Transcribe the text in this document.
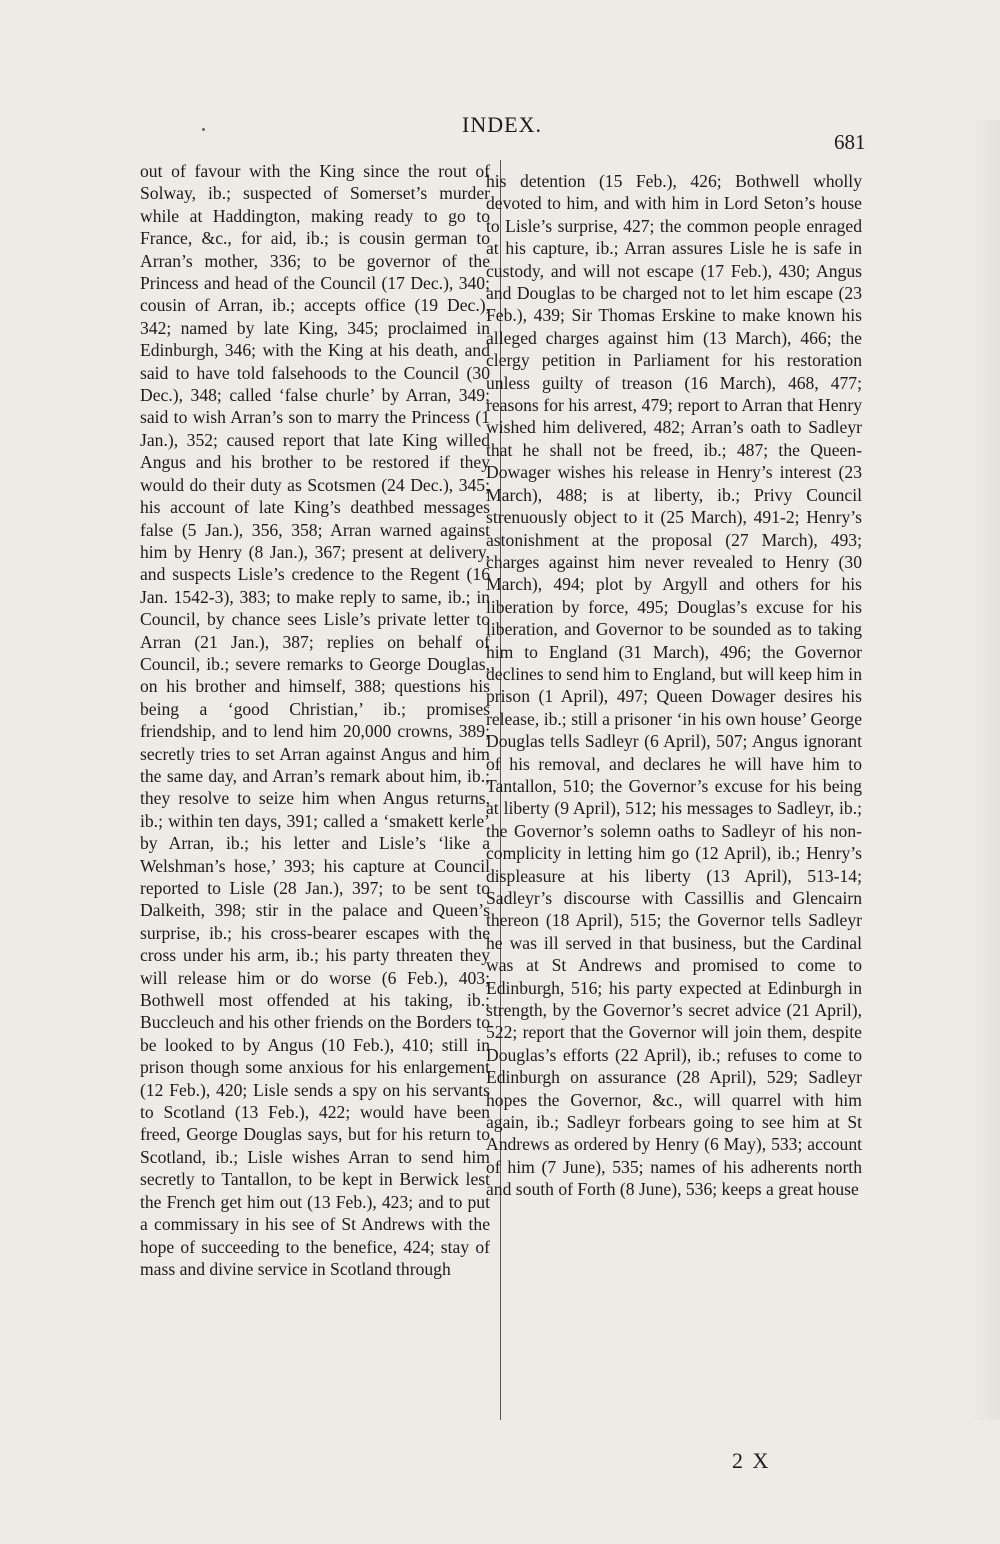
INDEX.
681
out of favour with the King since the rout of Solway, ib.; suspected of Somerset’s murder while at Haddington, making ready to go to France, &c., for aid, ib.; is cousin german to Arran’s mother, 336; to be governor of the Princess and head of the Council (17 Dec.), 340; cousin of Arran, ib.; accepts office (19 Dec.), 342; named by late King, 345; proclaimed in Edinburgh, 346; with the King at his death, and said to have told falsehoods to the Council (30 Dec.), 348; called ‘false churle’ by Arran, 349; said to wish Arran’s son to marry the Princess (1 Jan.), 352; caused report that late King willed Angus and his brother to be restored if they would do their duty as Scotsmen (24 Dec.), 345; his account of late King’s deathbed messages false (5 Jan.), 356, 358; Arran warned against him by Henry (8 Jan.), 367; present at delivery, and suspects Lisle’s credence to the Regent (16 Jan. 1542-3), 383; to make reply to same, ib.; in Council, by chance sees Lisle’s private letter to Arran (21 Jan.), 387; replies on behalf of Council, ib.; severe remarks to George Douglas, on his brother and himself, 388; questions his being a ‘good Christian,’ ib.; promises friendship, and to lend him 20,000 crowns, 389; secretly tries to set Arran against Angus and him the same day, and Arran’s remark about him, ib.; they resolve to seize him when Angus returns, ib.; within ten days, 391; called a ‘smakett kerle’ by Arran, ib.; his letter and Lisle’s ‘like a Welshman’s hose,’ 393; his capture at Council reported to Lisle (28 Jan.), 397; to be sent to Dalkeith, 398; stir in the palace and Queen’s surprise, ib.; his cross-bearer escapes with the cross under his arm, ib.; his party threaten they will release him or do worse (6 Feb.), 403; Bothwell most offended at his taking, ib.; Buccleuch and his other friends on the Borders to be looked to by Angus (10 Feb.), 410; still in prison though some anxious for his enlargement (12 Feb.), 420; Lisle sends a spy on his servants to Scotland (13 Feb.), 422; would have been freed, George Douglas says, but for his return to Scotland, ib.; Lisle wishes Arran to send him secretly to Tantallon, to be kept in Berwick lest the French get him out (13 Feb.), 423; and to put a commissary in his see of St Andrews with the hope of succeeding to the benefice, 424; stay of mass and divine service in Scotland through
his detention (15 Feb.), 426; Bothwell wholly devoted to him, and with him in Lord Seton’s house to Lisle’s surprise, 427; the common people enraged at his capture, ib.; Arran assures Lisle he is safe in custody, and will not escape (17 Feb.), 430; Angus and Douglas to be charged not to let him escape (23 Feb.), 439; Sir Thomas Erskine to make known his alleged charges against him (13 March), 466; the clergy petition in Parliament for his restoration unless guilty of treason (16 March), 468, 477; reasons for his arrest, 479; report to Arran that Henry wished him delivered, 482; Arran’s oath to Sadleyr that he shall not be freed, ib.; 487; the Queen-Dowager wishes his release in Henry’s interest (23 March), 488; is at liberty, ib.; Privy Council strenuously object to it (25 March), 491-2; Henry’s astonishment at the proposal (27 March), 493; charges against him never revealed to Henry (30 March), 494; plot by Argyll and others for his liberation by force, 495; Douglas’s excuse for his liberation, and Governor to be sounded as to taking him to England (31 March), 496; the Governor declines to send him to England, but will keep him in prison (1 April), 497; Queen Dowager desires his release, ib.; still a prisoner ‘in his own house’ George Douglas tells Sadleyr (6 April), 507; Angus ignorant of his removal, and declares he will have him to Tantallon, 510; the Governor’s excuse for his being at liberty (9 April), 512; his messages to Sadleyr, ib.; the Governor’s solemn oaths to Sadleyr of his non-complicity in letting him go (12 April), ib.; Henry’s displeasure at his liberty (13 April), 513-14; Sadleyr’s discourse with Cassillis and Glencairn thereon (18 April), 515; the Governor tells Sadleyr he was ill served in that business, but the Cardinal was at St Andrews and promised to come to Edinburgh, 516; his party expected at Edinburgh in strength, by the Governor’s secret advice (21 April), 522; report that the Governor will join them, despite Douglas’s efforts (22 April), ib.; refuses to come to Edinburgh on assurance (28 April), 529; Sadleyr hopes the Governor, &c., will quarrel with him again, ib.; Sadleyr forbears going to see him at St Andrews as ordered by Henry (6 May), 533; account of him (7 June), 535; names of his adherents north and south of Forth (8 June), 536; keeps a great house
2 X
